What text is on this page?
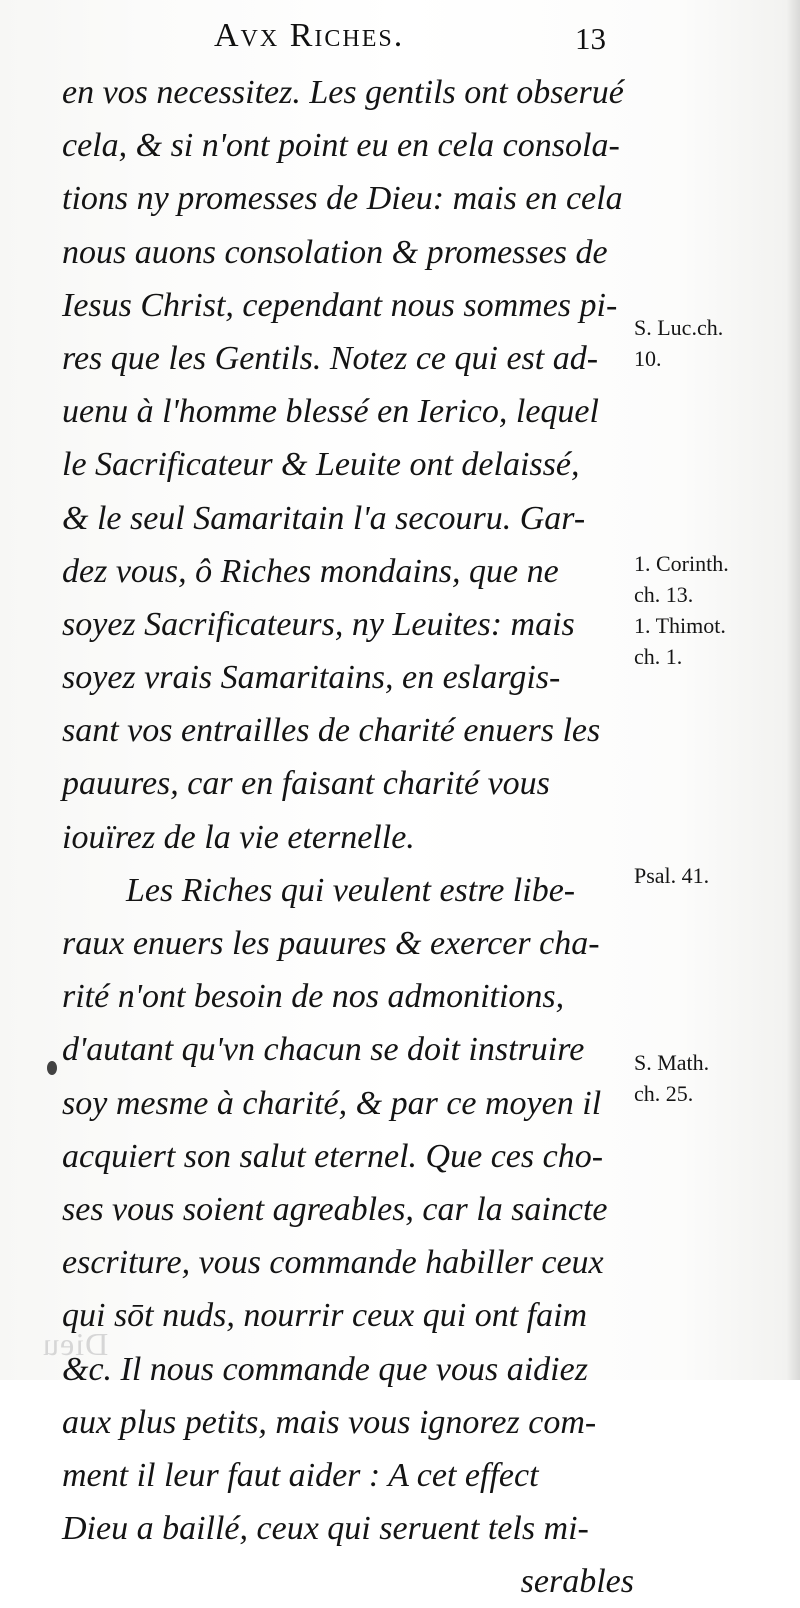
Avx Riches.	13
en vos necessitez. Les gentils ont obserué
cela, & si n'ont point eu en cela consola-
tions ny promesses de Dieu: mais en cela
nous auons consolation & promesses de
Iesus Christ, cependant nous sommes pi-
res que les Gentils. Notez ce qui est ad-
uenu à l'homme blessé en Ierico, lequel
le Sacrificateur & Leuite ont delaissé,
& le seul Samaritain l'a secouru. Gar-
dez vous, ô Riches mondains, que ne
soyez Sacrificateurs, ny Leuites: mais
soyez vrais Samaritains, en eslargis-
sant vos entrailles de charité enuers les
pauures, car en faisant charité vous
iouïrez de la vie eternelle.
Les Riches qui veulent estre libe-
raux enuers les pauures & exercer cha-
rité n'ont besoin de nos admonitions,
d'autant qu'vn chacun se doit instruire
soy mesme à charité, & par ce moyen il
acquiert son salut eternel. Que ces cho-
ses vous soient agreables, car la saincte
escriture, vous commande habiller ceux
qui sōt nuds, nourrir ceux qui ont faim
&c. Il nous commande que vous aidiez
aux plus petits, mais vous ignorez com-
ment il leur faut aider : A cet effect
Dieu a baillé, ceux qui seruent tels mi-
serables
S. Luc.ch.
10.
1. Corinth.
ch. 13.
1. Thimot.
ch. 1.
Psal. 41.
S. Math.
ch. 25.
Dieu
